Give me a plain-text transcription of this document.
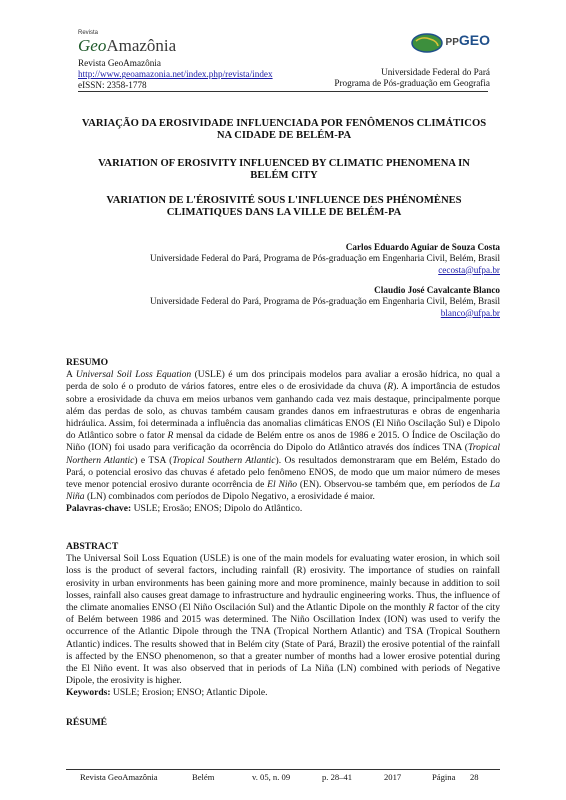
Revista
GeoAmazônia
Revista GeoAmazônia
http://www.geoamazonia.net/index.php/revista/index
eISSN: 2358-1778
PPGEO
Universidade Federal do Pará
Programa de Pós-graduação em Geografia
VARIAÇÃO DA EROSIVIDADE INFLUENCIADA POR FENÔMENOS CLIMÁTICOS NA CIDADE DE BELÉM-PA
VARIATION OF EROSIVITY INFLUENCED BY CLIMATIC PHENOMENA IN BELÉM CITY
VARIATION DE L'ÉROSIVITÉ SOUS L'INFLUENCE DES PHÉNOMÈNES CLIMATIQUES DANS LA VILLE DE BELÉM-PA
Carlos Eduardo Aguiar de Souza Costa
Universidade Federal do Pará, Programa de Pós-graduação em Engenharia Civil, Belém, Brasil
cecosta@ufpa.br
Claudio José Cavalcante Blanco
Universidade Federal do Pará, Programa de Pós-graduação em Engenharia Civil, Belém, Brasil
blanco@ufpa.br
RESUMO

A Universal Soil Loss Equation (USLE) é um dos principais modelos para avaliar a erosão hídrica, no qual a perda de solo é o produto de vários fatores, entre eles o de erosividade da chuva (R). A importância de estudos sobre a erosividade da chuva em meios urbanos vem ganhando cada vez mais destaque, principalmente porque além das perdas de solo, as chuvas também causam grandes danos em infraestruturas e obras de engenharia hidráulica. Assim, foi determinada a influência das anomalias climáticas ENOS (El Niño Oscilação Sul) e Dipolo do Atlântico sobre o fator R mensal da cidade de Belém entre os anos de 1986 e 2015. O Índice de Oscilação do Niño (ION) foi usado para verificação da ocorrência do Dipolo do Atlântico através dos índices TNA (Tropical Northern Atlantic) e TSA (Tropical Southern Atlantic). Os resultados demonstraram que em Belém, Estado do Pará, o potencial erosivo das chuvas é afetado pelo fenômeno ENOS, de modo que um maior número de meses teve menor potencial erosivo durante ocorrência de El Niño (EN). Observou-se também que, em períodos de La Niña (LN) combinados com períodos de Dipolo Negativo, a erosividade é maior.

Palavras-chave: USLE; Erosão; ENOS; Dipolo do Atlântico.

ABSTRACT

The Universal Soil Loss Equation (USLE) is one of the main models for evaluating water erosion, in which soil loss is the product of several factors, including rainfall (R) erosivity. The importance of studies on rainfall erosivity in urban environments has been gaining more and more prominence, mainly because in addition to soil losses, rainfall also causes great damage to infrastructure and hydraulic engineering works. Thus, the influence of the climate anomalies ENSO (El Niño Oscilación Sul) and the Atlantic Dipole on the monthly R factor of the city of Belém between 1986 and 2015 was determined. The Niño Oscillation Index (ION) was used to verify the occurrence of the Atlantic Dipole through the TNA (Tropical Northern Atlantic) and TSA (Tropical Southern Atlantic) indices. The results showed that in Belém city (State of Pará, Brazil) the erosive potential of the rainfall is affected by the ENSO phenomenon, so that a greater number of months had a lower erosive potential during the El Niño event. It was also observed that in periods of La Niña (LN) combined with periods of Negative Dipole, the erosivity is higher.

Keywords: USLE; Erosion; ENSO; Atlantic Dipole.

RÉSUMÉ
Revista GeoAmazônia	Belém	v. 05, n. 09	p. 28–41	2017	Página 28
